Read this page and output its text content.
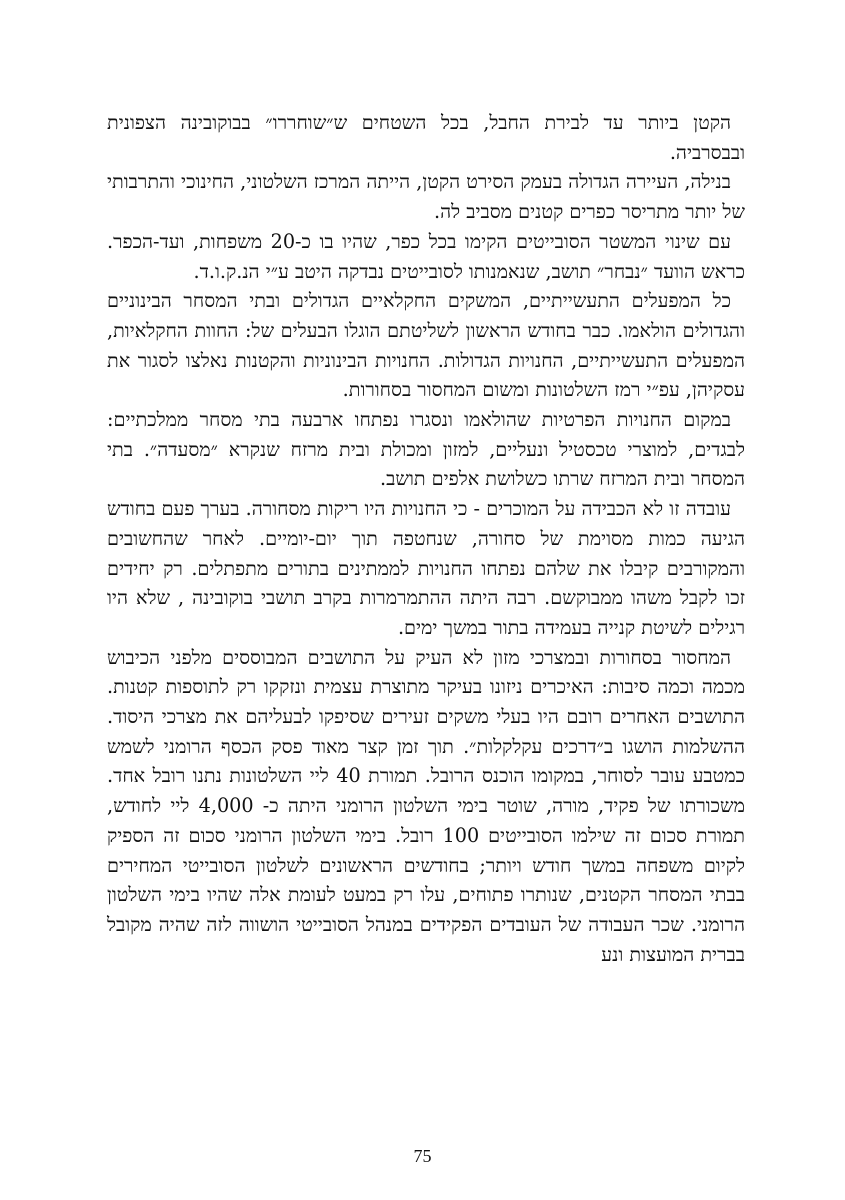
הקטן ביותר עד לבירת החבל, בכל השטחים ש״שוחררו״ בבוקובינה הצפונית ובבסרביה.

בנילה, העיירה הגדולה בעמק הסירט הקטן, הייתה המרכז השלטוני, החינוכי והתרבותי של יותר מתריסר כפרים קטנים מסביב לה.

עם שינוי המשטר הסובייטים הקימו בכל כפר, שהיו בו כ-20 משפחות, ועד-הכפר. כראש הוועד ״נבחר״ תושב, שנאמנותו לסובייטים נבדקה היטב ע״י הנ.ק.ו.ד.

כל המפעלים התעשייתיים, המשקים החקלאיים הגדולים ובתי המסחר הבינוניים והגדולים הולאמו. כבר בחודש הראשון לשליטתם הוגלו הבעלים של: החוות החקלאיות, המפעלים התעשייתיים, החנויות הגדולות. החנויות הבינוניות והקטנות נאלצו לסגור את עסקיהן, עפ״י רמז השלטונות ומשום המחסור בסחורות.

במקום החנויות הפרטיות שהולאמו ונסגרו נפתחו ארבעה בתי מסחר ממלכתיים: לבגדים, למוצרי טכסטיל ונעליים, למזון ומכולת ובית מרזח שנקרא ״מסעדה״. בתי המסחר ובית המרזח שרתו כשלושת אלפים תושב.

עובדה זו לא הכבידה על המוכרים - כי החנויות היו ריקות מסחורה. בערך פעם בחודש הגיעה כמות מסוימת של סחורה, שנחטפה תוך יום-יומיים. לאחר שהחשובים והמקורבים קיבלו את שלהם נפתחו החנויות לממתינים בתורים מתפתלים. רק יחידים זכו לקבל משהו ממבוקשם. רבה היתה ההתמרמרות בקרב תושבי בוקובינה , שלא היו רגילים לשיטת קנייה בעמידה בתור במשך ימים.

המחסור בסחורות ובמצרכי מזון לא העיק על התושבים המבוססים מלפני הכיבוש מכמה וכמה סיבות: האיכרים ניזונו בעיקר מתוצרת עצמית ונזקקו רק לתוספות קטנות. התושבים האחרים רובם היו בעלי משקים זעירים שסיפקו לבעליהם את מצרכי היסוד. ההשלמות הושגו ב״דרכים עקלקלות״. תוך זמן קצר מאוד פסק הכסף הרומני לשמש כמטבע עובר לסוחר, במקומו הוכנס הרובל. תמורת 40 ליי השלטונות נתנו רובל אחד. משכורתו של פקיד, מורה, שוטר בימי השלטון הרומני היתה כ- 4,000 ליי לחודש, תמורת סכום זה שילמו הסובייטים 100 רובל. בימי השלטון הרומני סכום זה הספיק לקיום משפחה במשך חודש ויותר; בחודשים הראשונים לשלטון הסובייטי המחירים בבתי המסחר הקטנים, שנותרו פתוחים, עלו רק במעט לעומת אלה שהיו בימי השלטון הרומני. שכר העבודה של העובדים הפקידים במנהל הסובייטי הושווה לזה שהיה מקובל בברית המועצות ונע

75
